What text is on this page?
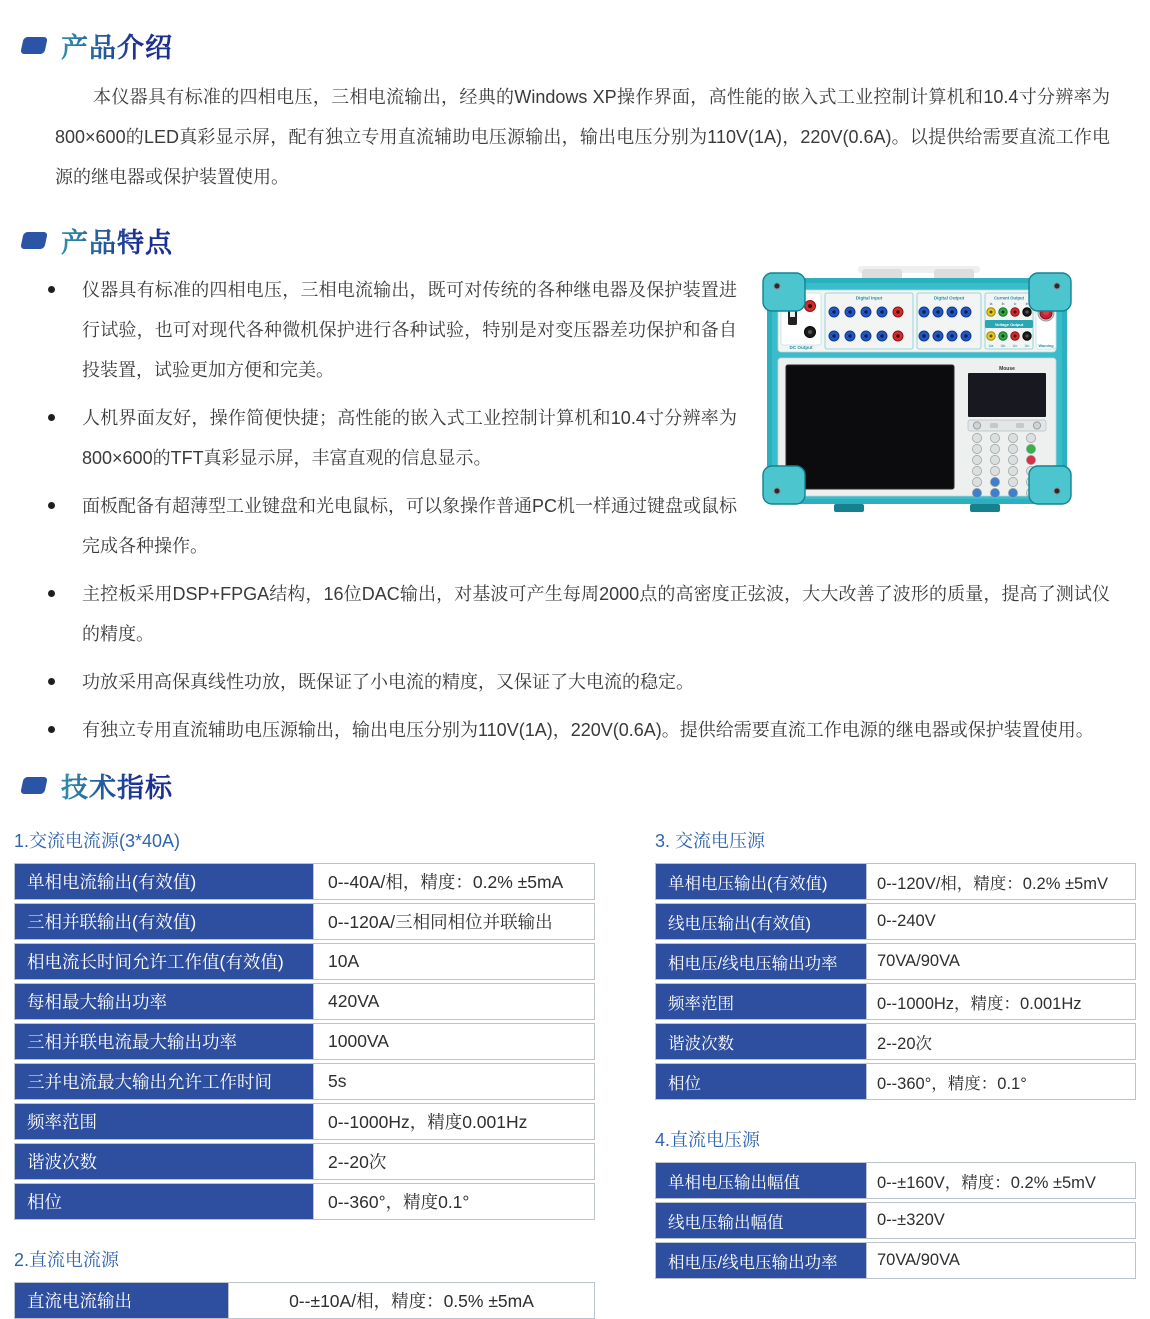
产品介绍

本仪器具有标准的四相电压，三相电流输出，经典的Windows XP操作界面，高性能的嵌入式工业控制计算机和10.4寸分辨率为800×600的LED真彩显示屏，配有独立专用直流辅助电压源输出，输出电压分别为110V(1A)，220V(0.6A)。以提供给需要直流工作电源的继电器或保护装置使用。

产品特点
DC Output
Digital Input	Digital Output	Current Output
Ia	Ib	Ic	In
Voltage Output
Ua Ub Uc Un Warning
Mouse
仪器具有标准的四相电压，三相电流输出，既可对传统的各种继电器及保护装置进行试验，也可对现代各种微机保护进行各种试验，特别是对变压器差功保护和备自投装置，试验更加方便和完美。
人机界面友好，操作简便快捷；高性能的嵌入式工业控制计算机和10.4寸分辨率为800×600的TFT真彩显示屏，丰富直观的信息显示。
面板配备有超薄型工业键盘和光电鼠标，可以象操作普通PC机一样通过键盘或鼠标完成各种操作。
主控板采用DSP+FPGA结构，16位DAC输出，对基波可产生每周2000点的高密度正弦波，大大改善了波形的质量，提高了测试仪的精度。
功放采用高保真线性功放，既保证了小电流的精度，又保证了大电流的稳定。
有独立专用直流辅助电压源输出，输出电压分别为110V(1A)，220V(0.6A)。提供给需要直流工作电源的继电器或保护装置使用。
技术指标
1.交流电流源(3*40A)
单相电流输出(有效值)	0--40A/相，精度：0.2% ±5mA
三相并联输出(有效值)	0--120A/三相同相位并联输出
相电流长时间允许工作值(有效值)	10A
每相最大输出功率	420VA
三相并联电流最大输出功率	1000VA
三并电流最大输出允许工作时间	5s
频率范围	0--1000Hz，精度0.001Hz
谐波次数	2--20次
相位	0--360°，精度0.1°
2.直流电流源
直流电流输出	0--±10A/相，精度：0.5% ±5mA
3. 交流电压源
单相电压输出(有效值)	0--120V/相，精度：0.2% ±5mV
线电压输出(有效值)	0--240V
相电压/线电压输出功率	70VA/90VA
频率范围	0--1000Hz，精度：0.001Hz
谐波次数	2--20次
相位	0--360°，精度：0.1°
4.直流电压源
单相电压输出幅值	0--±160V，精度：0.2% ±5mV
线电压输出幅值	0--±320V
相电压/线电压输出功率	70VA/90VA
